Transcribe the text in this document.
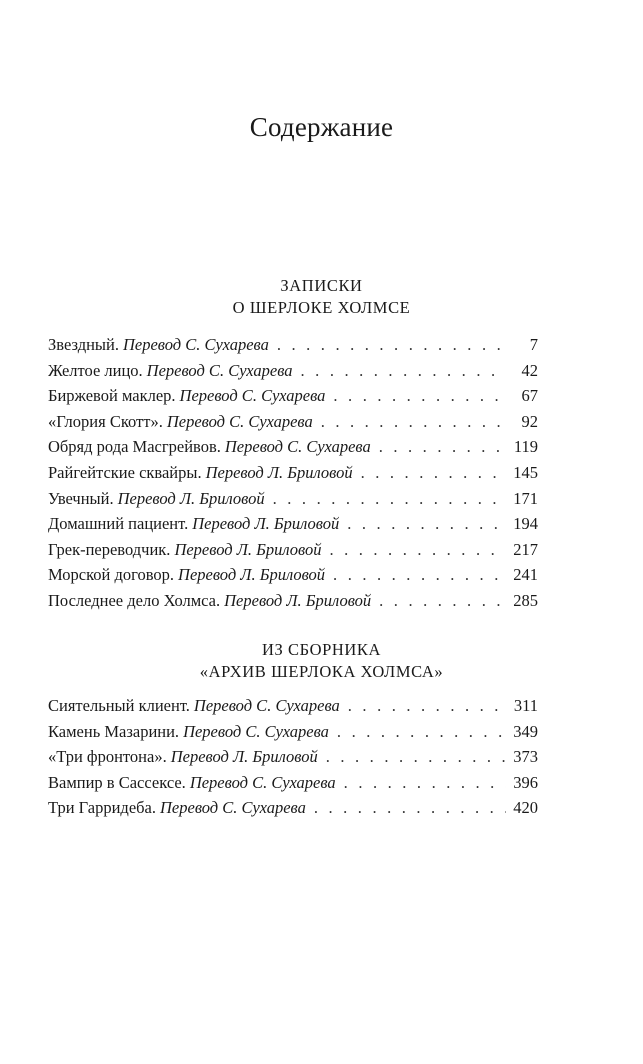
Содержание
ЗАПИСКИ
О ШЕРЛОКЕ ХОЛМСЕ
Звездный. Перевод С. Сухарева . . .	7
Желтое лицо. Перевод С. Сухарева . . .	42
Биржевой маклер. Перевод С. Сухарева . . .	67
«Глория Скотт». Перевод С. Сухарева . . .	92
Обряд рода Масгрейвов. Перевод С. Сухарева . . .	119
Райгейтские сквайры. Перевод Л. Бриловой . . .	145
Увечный. Перевод Л. Бриловой . . .	171
Домашний пациент. Перевод Л. Бриловой . . .	194
Грек-переводчик. Перевод Л. Бриловой . . .	217
Морской договор. Перевод Л. Бриловой . . .	241
Последнее дело Холмса. Перевод Л. Бриловой . . .	285
ИЗ СБОРНИКА
«АРХИВ ШЕРЛОКА ХОЛМСА»
Сиятельный клиент. Перевод С. Сухарева . . .	311
Камень Мазарини. Перевод С. Сухарева . . .	349
«Три фронтона». Перевод Л. Бриловой . . .	373
Вампир в Сассексе. Перевод С. Сухарева . . .	396
Три Гарридеба. Перевод С. Сухарева . . .	420
